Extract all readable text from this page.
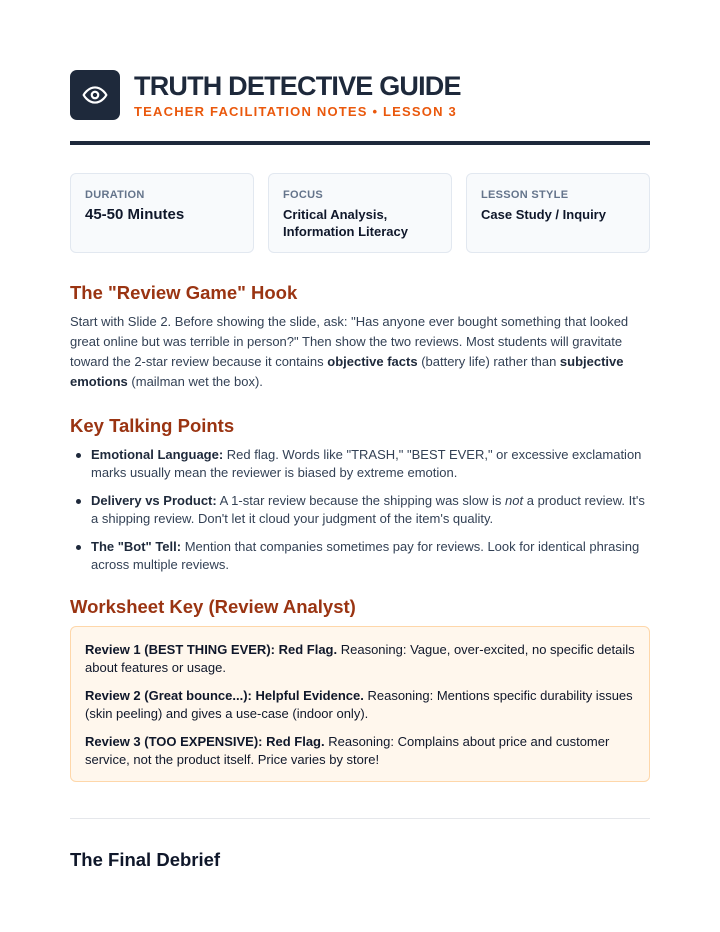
TRUTH DETECTIVE GUIDE
TEACHER FACILITATION NOTES • LESSON 3
DURATION
45-50 Minutes
FOCUS
Critical Analysis,
Information Literacy
LESSON STYLE
Case Study / Inquiry
The "Review Game" Hook
Start with Slide 2. Before showing the slide, ask: "Has anyone ever bought something that looked great online but was terrible in person?" Then show the two reviews. Most students will gravitate toward the 2-star review because it contains objective facts (battery life) rather than subjective emotions (mailman wet the box).
Key Talking Points
Emotional Language: Red flag. Words like "TRASH," "BEST EVER," or excessive exclamation marks usually mean the reviewer is biased by extreme emotion.
Delivery vs Product: A 1-star review because the shipping was slow is not a product review. It's a shipping review. Don't let it cloud your judgment of the item's quality.
The "Bot" Tell: Mention that companies sometimes pay for reviews. Look for identical phrasing across multiple reviews.
Worksheet Key (Review Analyst)
Review 1 (BEST THING EVER): Red Flag. Reasoning: Vague, over-excited, no specific details about features or usage.
Review 2 (Great bounce...): Helpful Evidence. Reasoning: Mentions specific durability issues (skin peeling) and gives a use-case (indoor only).
Review 3 (TOO EXPENSIVE): Red Flag. Reasoning: Complains about price and customer service, not the product itself. Price varies by store!
The Final Debrief
